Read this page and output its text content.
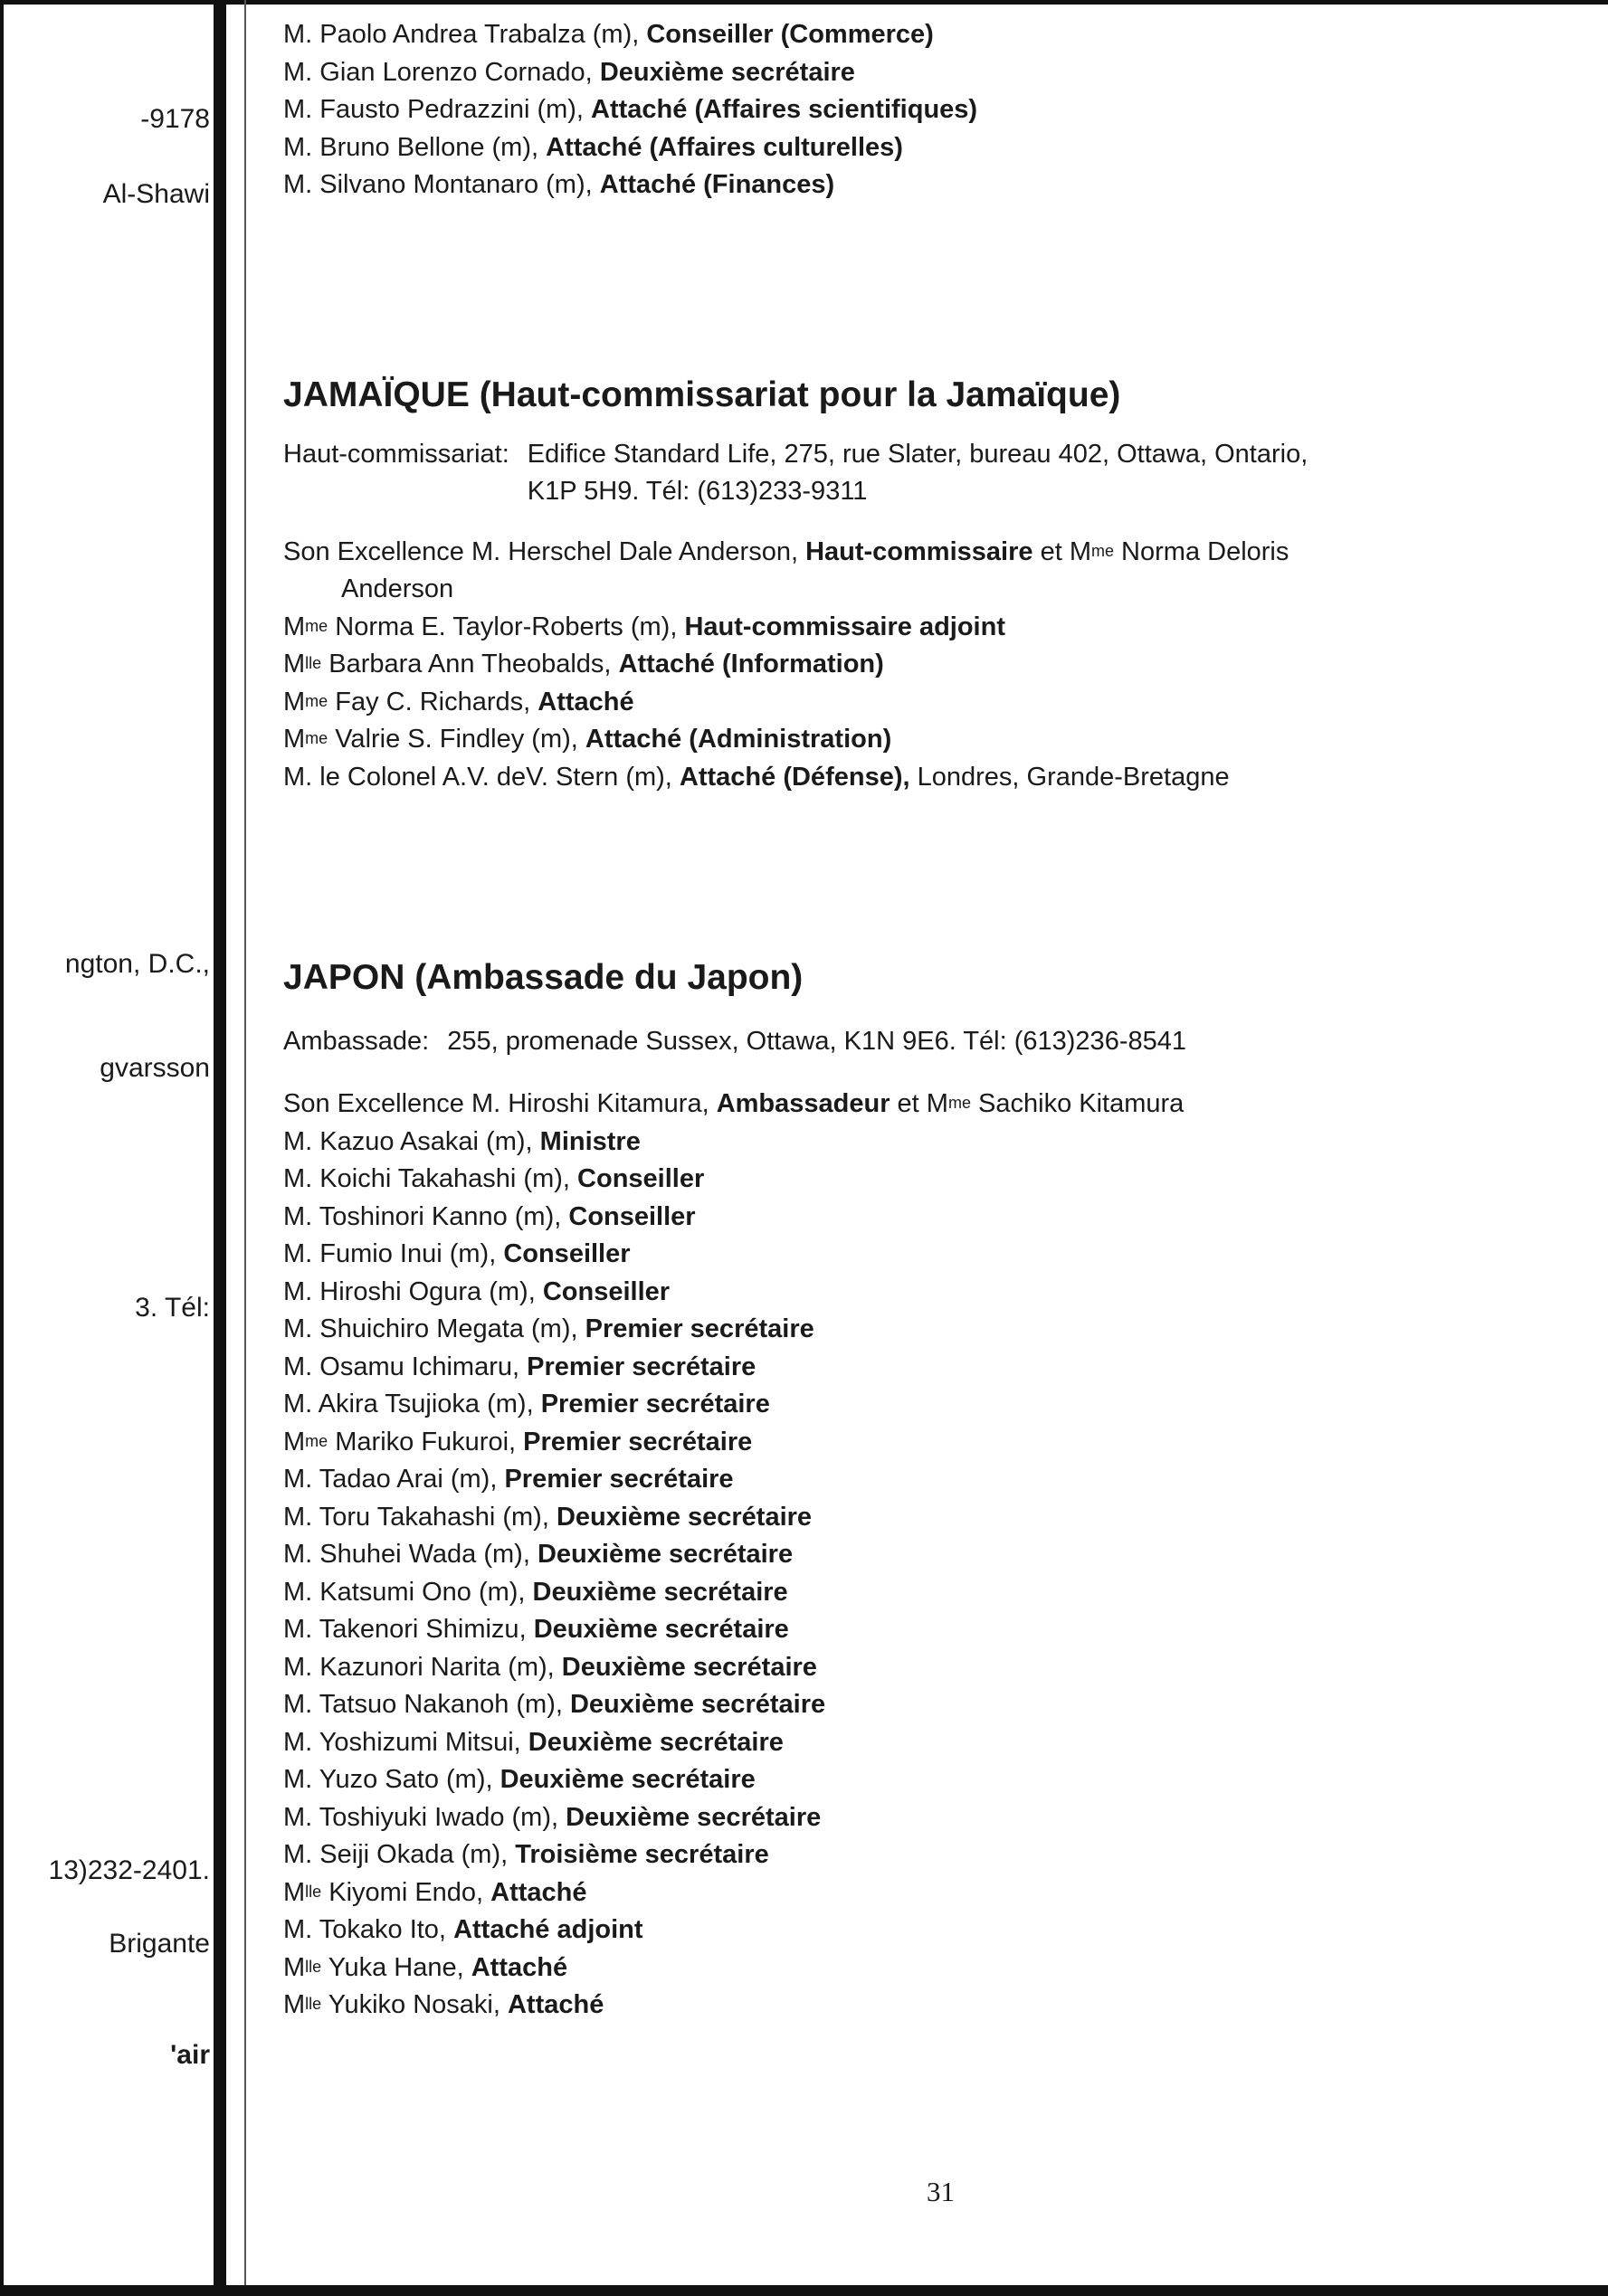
-9178
Al-Shawi
ngton, D.C.,
gvarsson
3. Tél:
13)232-2401.
Brigante
'air
M. Paolo Andrea Trabalza (m), Conseiller (Commerce)
M. Gian Lorenzo Cornado, Deuxième secrétaire
M. Fausto Pedrazzini (m), Attaché (Affaires scientifiques)
M. Bruno Bellone (m), Attaché (Affaires culturelles)
M. Silvano Montanaro (m), Attaché (Finances)
JAMAÏQUE (Haut-commissariat pour la Jamaïque)
Haut-commissariat: Edifice Standard Life, 275, rue Slater, bureau 402, Ottawa, Ontario,
K1P 5H9. Tél: (613)233-9311
Son Excellence M. Herschel Dale Anderson, Haut-commissaire et $M^{me}$ Norma Deloris
Anderson
$M^{me}$ Norma E. Taylor-Roberts (m), Haut-commissaire adjoint
$M^{lle}$ Barbara Ann Theobalds, Attaché (Information)
$M^{me}$ Fay C. Richards, Attaché
$M^{me}$ Valrie S. Findley (m), Attaché (Administration)
M. le Colonel A.V. deV. Stern (m), Attaché (Défense), Londres, Grande-Bretagne
JAPON (Ambassade du Japon)
Ambassade: 255, promenade Sussex, Ottawa, K1N 9E6. Tél: (613)236-8541
Son Excellence M. Hiroshi Kitamura, Ambassadeur et $M^{me}$ Sachiko Kitamura
M. Kazuo Asakai (m), Ministre
M. Koichi Takahashi (m), Conseiller
M. Toshinori Kanno (m), Conseiller
M. Fumio Inui (m), Conseiller
M. Hiroshi Ogura (m), Conseiller
M. Shuichiro Megata (m), Premier secrétaire
M. Osamu Ichimaru, Premier secrétaire
M. Akira Tsujioka (m), Premier secrétaire
$M^{me}$ Mariko Fukuroi, Premier secrétaire
M. Tadao Arai (m), Premier secrétaire
M. Toru Takahashi (m), Deuxième secrétaire
M. Shuhei Wada (m), Deuxième secrétaire
M. Katsumi Ono (m), Deuxième secrétaire
M. Takenori Shimizu, Deuxième secrétaire
M. Kazunori Narita (m), Deuxième secrétaire
M. Tatsuo Nakanoh (m), Deuxième secrétaire
M. Yoshizumi Mitsui, Deuxième secrétaire
M. Yuzo Sato (m), Deuxième secrétaire
M. Toshiyuki Iwado (m), Deuxième secrétaire
M. Seiji Okada (m), Troisième secrétaire
$M^{lle}$ Kiyomi Endo, Attaché
M. Tokako Ito, Attaché adjoint
$M^{lle}$ Yuka Hane, Attaché
$M^{lle}$ Yukiko Nosaki, Attaché
31
